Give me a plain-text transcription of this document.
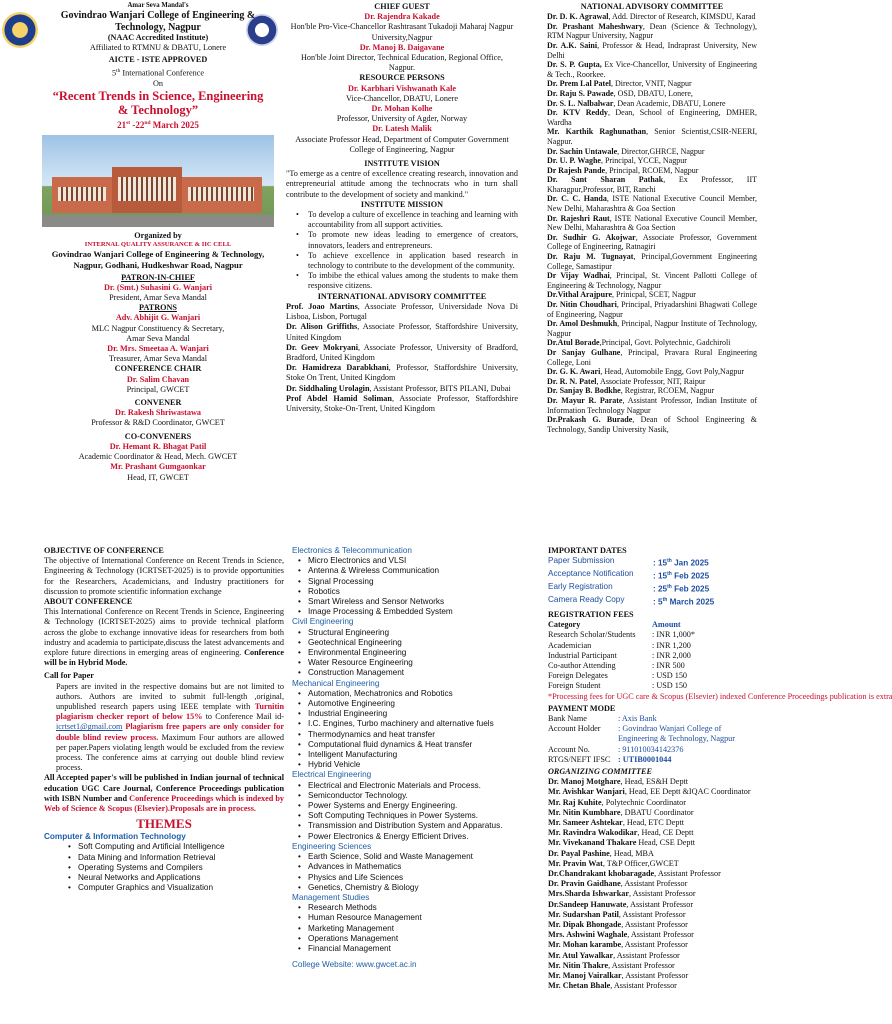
Amar Seva Mandal's
Govindrao Wanjari College of Engineering & Technology, Nagpur
(NAAC Accredited Institute)
Affiliated to RTMNU & DBATU, Lonere
AICTE - ISTE APPROVED
5th International Conference
On
“Recent Trends in Science, Engineering & Technology”
21st -22nd March 2025
Organized by
INTERNAL QUALITY ASSURANCE & IIC CELL
Govindrao Wanjari College of Engineering & Technology, Nagpur, Godhani, Hudkeshwar Road, Nagpur
PATRON-IN-CHIEF
Dr. (Smt.) Suhasini G. Wanjari
President, Amar Seva Mandal
PATRONS
Adv. Abhijit G. Wanjari
MLC Nagpur Constituency & Secretary, Amar Seva Mandal
Dr. Mrs. Smeetaa A. Wanjari
Treasurer, Amar Seva Mandal
CONFERENCE CHAIR
Dr. Salim Chavan
Principal, GWCET
CONVENER
Dr. Rakesh Shriwastawa
Professor & R&D Coordinator, GWCET
CO-CONVENERS
Dr. Hemant R. Bhagat Patil
Academic Coordinator & Head, Mech. GWCET
Mr. Prashant Gumgaonkar
Head, IT, GWCET
CHIEF GUEST
Dr. Rajendra Kakade
Hon'ble Pro-Vice-Chancellor Rashtrasant Tukadoji Maharaj Nagpur University,Nagpur
Dr. Manoj B. Daigavane
Hon'ble Joint Director, Technical Education, Regional Office, Nagpur.
RESOURCE PERSONS
Dr. Karbhari Vishwanath Kale
Vice-Chancellor, DBATU, Lonere
Dr. Mohan Kolhe
Professor, University of Agder, Norway
Dr. Latesh Malik
Associate Professor Head, Department of Computer Government College of Engineering, Nagpur
INSTITUTE VISION
"To emerge as a centre of excellence creating research, innovation and entrepreneurial attitude among the technocrats who in turn shall contribute to the development of society and mankind."
INSTITUTE MISSION
• To develop a culture of excellence in teaching and learning with accountability from all support activities.
• To promote new ideas leading to emergence of creators, innovators, leaders and entrepreneurs.
• To achieve excellence in application based research in technology to contribute to the development of the community.
• To imbibe the ethical values among the students to make them responsive citizens.
INTERNATIONAL ADVISORY COMMITTEE
Prof. Joao Martins, Associate Professor, Universidade Nova Di Lisboa, Lisbon, Portugal
Dr. Alison Griffiths, Associate Professor, Staffordshire University, United Kingdom
Dr. Geev Mokryani, Associate Professor, University of Bradford, Bradford, United Kingdom
Dr. Hamidreza Darabkhani, Professor, Staffordshire University, Stoke On Trent, United Kingdom
Dr. Siddhaling Urolagin, Assistant Professor, BITS PILANI, Dubai
Prof Abdel Hamid Soliman, Associate Professor, Staffordshire University, Stoke-On-Trent, United Kingdom
NATIONAL ADVISORY COMMITTEE
Dr. D. K. Agrawal, Add. Director of Research, KIMSDU, Karad
Dr. Prashant Maheshwary, Dean (Science & Technology), RTM Nagpur University, Nagpur
Dr. A.K. Saini, Professor & Head, Indraprast University, New Delhi
Dr. S. P. Gupta, Ex Vice-Chancellor, University of Engineering & Tech., Roorkee.
Dr. Prem Lal Patel, Director, VNIT, Nagpur
Dr. Raju S. Pawade, OSD, DBATU, Lonere,
Dr. S. L. Nalbalwar, Dean Academic, DBATU, Lonere
Dr. KTV Reddy, Dean, School of Engineering, DMHER, Wardha
Mr. Karthik Raghunathan, Senior Scientist,CSIR-NEERI, Nagpur.
Dr. Sachin Untawale, Director,GHRCE, Nagpur
Dr. U. P. Waghe, Principal, YCCE, Nagpur
Dr Rajesh Pande, Principal, RCOEM, Nagpur
Dr. Sant Sharan Pathak, Ex Professor, IIT Kharagpur,Professor, BIT, Ranchi
Dr. C. C. Handa, ISTE National Executive Council Member, New Delhi, Maharashtra & Goa Section
Dr. Rajeshri Raut, ISTE National Executive Council Member, New Delhi, Maharashtra & Goa Section
Dr. Sudhir G. Akojwar, Associate Professor, Government College of Engineering, Ratnagiri
Dr. Raju M. Tugnayat, Principal,Government Engineering College, Samastipur
Dr Vijay Wadhai, Principal, St. Vincent Pallotti College of Engineering & Technology, Nagpur
Dr.Vithal Arajpure, Prinicpal, SCET, Nagpur
Dr. Nitin Choudhari, Principal, Priyadarshini Bhagwati College of Engineering, Nagpur
Dr. Amol Deshmukh, Principal, Nagpur Institute of Technology, Nagpur
Dr.Atul Borade,Principal, Govt. Polytechnic, Gadchiroli
Dr Sanjay Gulhane, Principal, Pravara Rural Engineering College, Loni
Dr. G. K. Awari, Head, Automobile Engg, Govt Poly,Nagpur
Dr. R. N. Patel, Associate Professor, NIT, Raipur
Dr. Sanjay B. Bodkhe, Registrar, RCOEM, Nagpur
Dr. Mayur R. Parate, Assistant Professor, Indian Institute of Information Technology Nagpur
Dr.Prakash G. Burade, Dean of School Engineering & Technology, Sandip University Nasik,
OBJECTIVE OF CONFERENCE
The objective of International Conference on Recent Trends in Science, Engineering & Technology (ICRTSET-2025) is to provide opportunities for the Researchers, Academicians, and Industry practitioners for discussion to promote scientific information exchange
ABOUT CONFERENCE
This International Conference on Recent Trends in Science, Engineering & Technology (ICRTSET-2025) aims to provide technical platform across the globe to exchange innovative ideas for researchers from both industry and academia to participate,discuss the latest advancements and explore future directions in emerging areas of engineering. Conference will be in Hybrid Mode.
Call for Paper
Papers are invited in the respective domains but are not limited to authors. Authors are invited to submit full-length ,original, unpublished research papers using IEEE template with Turnitin plagiarism checker report of below 15% to Conference Mail id- icrtset1@gmail.com Plagiarism free papers are only consider for double blind review process. Maximum Four authors are allowed per paper.Papers violating length would be excluded from the review process. The conference aims at carrying out double blind review process.
All Accepted paper's will be published in Indian journal of technical education UGC Care Journal, Conference Proceedings publication with ISBN Number and Conference Proceedings which is indexed by Web of Science & Scopus (Elsevier).Proposals are in process.
THEMES
Computer & Information Technology
• Soft Computing and Artificial Intelligence
• Data Mining and Information Retrieval
• Operating Systems and Compilers
• Neural Networks and Applications
• Computer Graphics and Visualization
Electronics & Telecommunication
• Micro Electronics and VLSI
• Antenna & Wireless Communication
• Signal Processing
• Robotics
• Smart Wireless and Sensor Networks
• Image Processing & Embedded System
Civil Engineering
• Structural Engineering
• Geotechnical Engineering
• Environmental Engineering
• Water Resource Engineering
• Construction Management
Mechanical Engineering
• Automation, Mechatronics and Robotics
• Automotive Engineering
• Industrial Engineering
• I.C. Engines, Turbo machinery and alternative fuels
• Thermodynamics and heat transfer
• Computational fluid dynamics & Heat transfer
• Intelligent Manufacturing
• Hybrid Vehicle
Electrical Engineering
• Electrical and Electronic Materials and Process.
• Semiconductor Technology.
• Power Systems and Energy Engineering.
• Soft Computing Techniques in Power Systems.
• Transmission and Distribution System and Apparatus.
• Power Electronics & Energy Efficient Drives.
Engineering Sciences
• Earth Science, Solid and Waste Management
• Advances in Mathematics
• Physics and Life Sciences
• Genetics, Chemistry & Biology
Management Studies
• Research Methods
• Human Resource Management
• Marketing Management
• Operations Management
• Financial Management
College Website: www.gwcet.ac.in
IMPORTANT DATES
Paper Submission	: 15th Jan 2025
Acceptance Notification	: 15th Feb 2025
Early Registration	: 25th Feb 2025
Camera Ready Copy	: 5th March 2025
REGISTRATION FEES
Category	Amount
Research Scholar/Students	: INR 1,000*
Academician	: INR 1,200
Industrial Participant	: INR 2,000
Co-author Attending	: INR 500
Foreign Delegates	: USD 150
Foreign Student	: USD 150
*Processing fees for UGC care & Scopus (Elsevier) indexed Conference Proceedings publication is extra
PAYMENT MODE
Bank Name	: Axis Bank
Account Holder	: Govindrao Wanjari College of Engineering & Technology, Nagpur
Account No.	: 911010034142376
RTGS/NEFT IFSC	: UTIB0001044
ORGANIZING COMMITTEE
Dr. Manoj Motghare, Head, ES&H Deptt
Mr. Avishkar Wanjari, Head, EE Deptt &IQAC Coordinator
Mr. Raj Kuhite, Polytechnic Coordinator
Mr. Nitin Kumbhare, DBATU Coordinator
Mr. Sameer Ashtekar, Head, ETC Deptt
Mr. Ravindra Wakodikar, Head, CE Deptt
Mr. Vivekanand Thakare Head, CSE Deptt
Dr. Payal Pashine, Head, MBA
Mr. Pravin Wat, T&P Officer,GWCET
Dr.Chandrakant khobaragade, Assistant Professor
Dr. Pravin Gaidhane, Assistant Professor
Mrs.Sharda Ishwarkar, Assistant Professor
Dr.Sandeep Hanuwate, Assistant Professor
Mr. Sudarshan Patil, Assistant Professor
Mr. Dipak Bhongade, Assistant Professor
Mrs. Ashwini Waghale, Assistant Professor
Mr. Mohan karambe, Assistant Professor
Mr. Atul Yawalkar, Assistant Professor
Mr. Nitin Thakre, Assistant Professor
Mr. Manoj Vairalkar, Assistant Professor
Mr. Chetan Bhale, Assistant Professor
